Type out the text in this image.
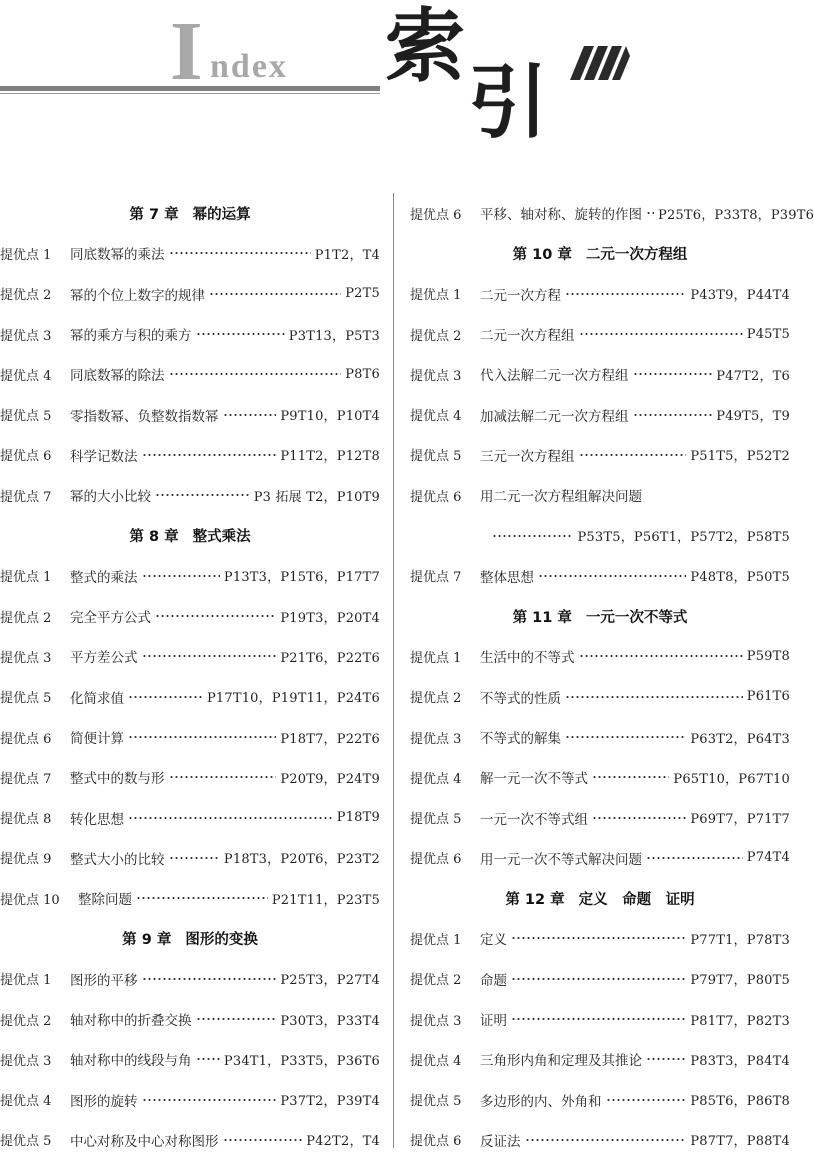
I ndex 索
引
第 7 章 幂的运算
提优点 1	同底数幂的乘法	P1T2，T4
提优点 2	幂的个位上数字的规律	P2T5
提优点 3	幂的乘方与积的乘方	P3T13，P5T3
提优点 4	同底数幂的除法	P8T6
提优点 5	零指数幂、负整数指数幂	P9T10，P10T4
提优点 6	科学记数法	P11T2，P12T8
提优点 7	幂的大小比较	P3 拓展 T2，P10T9
第 8 章 整式乘法
提优点 1	整式的乘法	P13T3，P15T6，P17T7
提优点 2	完全平方公式	P19T3，P20T4
提优点 3	平方差公式	P21T6，P22T6
提优点 5	化简求值	P17T10，P19T11，P24T6
提优点 6	简便计算	P18T7，P22T6
提优点 7	整式中的数与形	P20T9，P24T9
提优点 8	转化思想	P18T9
提优点 9	整式大小的比较	P18T3，P20T6，P23T2
提优点 10	整除问题	P21T11，P23T5
第 9 章 图形的变换
提优点 1	图形的平移	P25T3，P27T4
提优点 2	轴对称中的折叠交换	P30T3，P33T4
提优点 3	轴对称中的线段与角 P34T1，P33T5，P36T6
提优点 4	图形的旋转	P37T2，P39T4
提优点 5	中心对称及中心对称图形	P42T2，T4
提优点 6	平移、轴对称、旋转的作图 P25T6，P33T8，P39T6
第 10 章 二元一次方程组
提优点 1	二元一次方程	P43T9，P44T4
提优点 2	二元一次方程组	P45T5
提优点 3	代入法解二元一次方程组	P47T2，T6
提优点 4	加减法解二元一次方程组	P49T5，T9
提优点 5	三元一次方程组	P51T5，P52T2
提优点 6	用二元一次方程组解决问题
P53T5，P56T1，P57T2，P58T5
提优点 7	整体思想	P48T8，P50T5
第 11 章 一元一次不等式
提优点 1	生活中的不等式	P59T8
提优点 2	不等式的性质	P61T6
提优点 3	不等式的解集	P63T2，P64T3
提优点 4	解一元一次不等式	P65T10，P67T10
提优点 5	一元一次不等式组	P69T7，P71T7
提优点 6	用一元一次不等式解决问题	P74T4
第 12 章 定义　命题　证明
提优点 1	定义	P77T1，P78T3
提优点 2	命题	P79T7，P80T5
提优点 3	证明	P81T7，P82T3
提优点 4	三角形内角和定理及其推论	P83T3，P84T4
提优点 5	多边形的内、外角和	P85T6，P86T8
提优点 6	反证法	P87T7，P88T4
